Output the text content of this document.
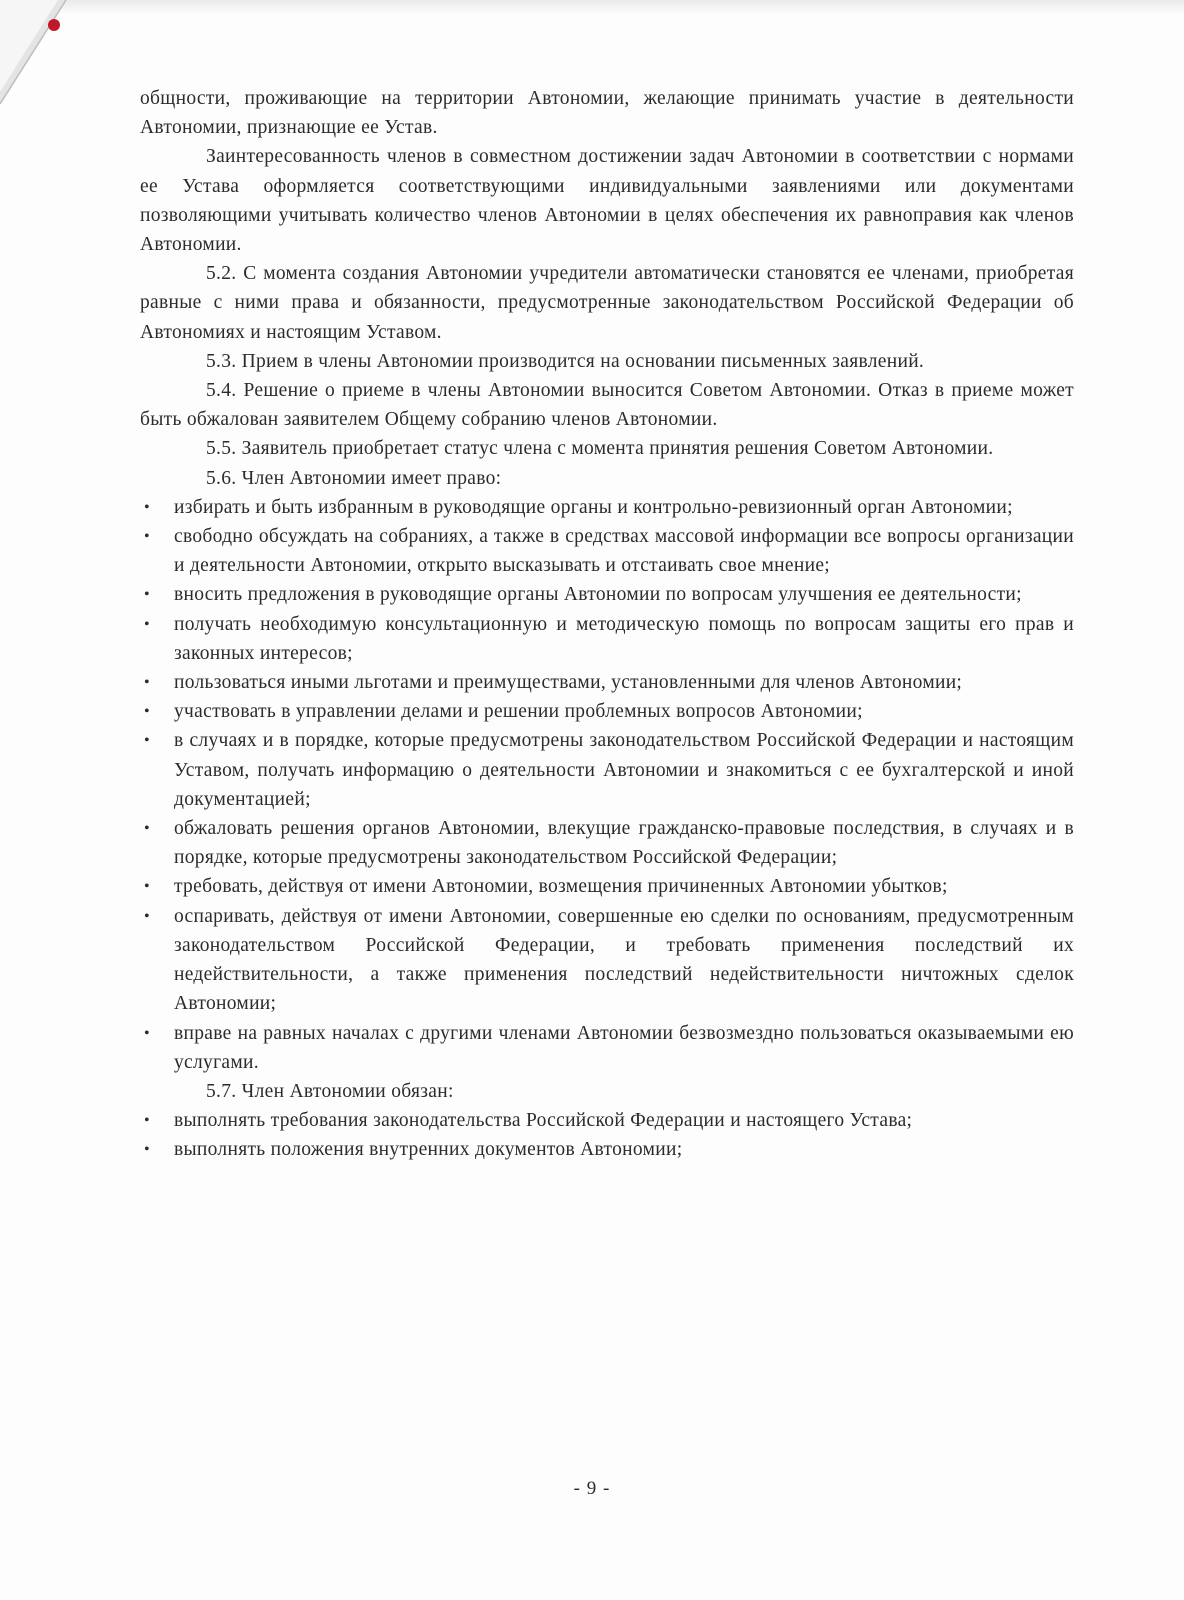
общности, проживающие на территории Автономии, желающие принимать участие в деятельности Автономии, признающие ее Устав.

Заинтересованность членов в совместном достижении задач Автономии в соответствии с нормами ее Устава оформляется соответствующими индивидуальными заявлениями или документами позволяющими учитывать количество членов Автономии в целях обеспечения их равноправия как членов Автономии.

5.2. С момента создания Автономии учредители автоматически становятся ее членами, приобретая равные с ними права и обязанности, предусмотренные законодательством Российской Федерации об Автономиях и настоящим Уставом.

5.3. Прием в члены Автономии производится на основании письменных заявлений.

5.4. Решение о приеме в члены Автономии выносится Советом Автономии. Отказ в приеме может быть обжалован заявителем Общему собранию членов Автономии.

5.5. Заявитель приобретает статус члена с момента принятия решения Советом Автономии.

5.6. Член Автономии имеет право:

• избирать и быть избранным в руководящие органы и контрольно-ревизионный орган Автономии;
• свободно обсуждать на собраниях, а также в средствах массовой информации все вопросы организации и деятельности Автономии, открыто высказывать и отстаивать свое мнение;
• вносить предложения в руководящие органы Автономии по вопросам улучшения ее деятельности;
• получать необходимую консультационную и методическую помощь по вопросам защиты его прав и законных интересов;
• пользоваться иными льготами и преимуществами, установленными для членов Автономии;
• участвовать в управлении делами и решении проблемных вопросов Автономии;
• в случаях и в порядке, которые предусмотрены законодательством Российской Федерации и настоящим Уставом, получать информацию о деятельности Автономии и знакомиться с ее бухгалтерской и иной документацией;
• обжаловать решения органов Автономии, влекущие гражданско-правовые последствия, в случаях и в порядке, которые предусмотрены законодательством Российской Федерации;
• требовать, действуя от имени Автономии, возмещения причиненных Автономии убытков;
• оспаривать, действуя от имени Автономии, совершенные ею сделки по основаниям, предусмотренным законодательством Российской Федерации, и требовать применения последствий их недействительности, а также применения последствий недействительности ничтожных сделок Автономии;
• вправе на равных началах с другими членами Автономии безвозмездно пользоваться оказываемыми ею услугами.

5.7. Член Автономии обязан:

• выполнять требования законодательства Российской Федерации и настоящего Устава;
• выполнять положения внутренних документов Автономии;
- 9 -
